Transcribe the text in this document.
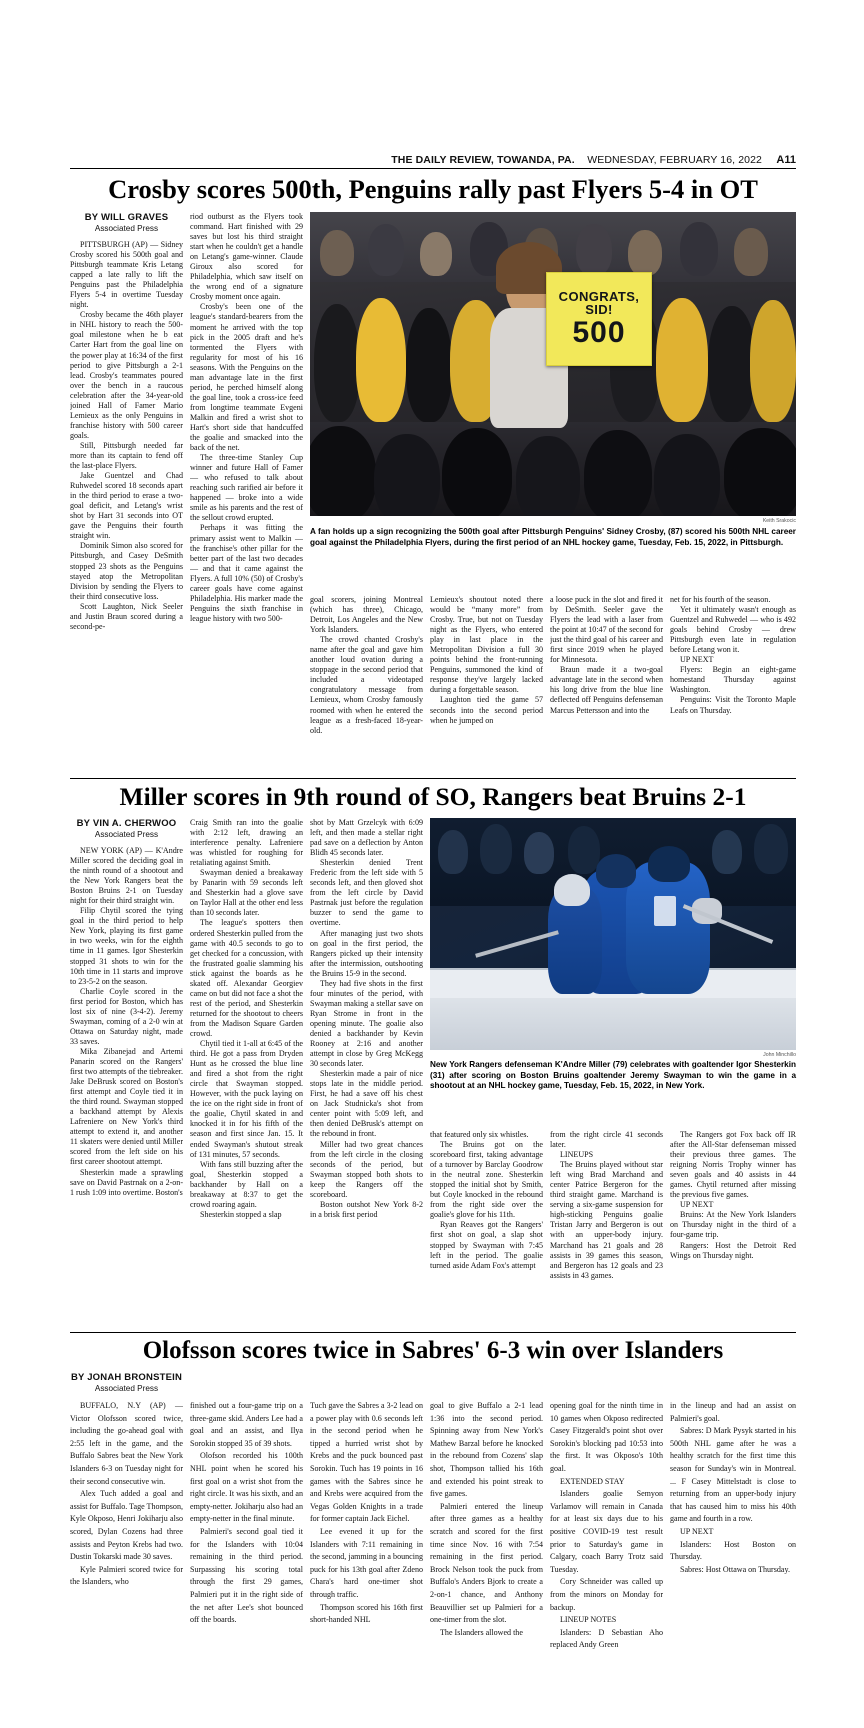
THE DAILY REVIEW, TOWANDA, PA. WEDNESDAY, FEBRUARY 16, 2022 A11
Crosby scores 500th, Penguins rally past Flyers 5-4 in OT
BY WILL GRAVES
Associated Press

PITTSBURGH (AP) — Sidney Crosby scored his 500th goal and Pittsburgh teammate Kris Letang capped a late rally to lift the Penguins past the Philadelphia Flyers 5-4 in overtime Tuesday night.

Crosby became the 46th player in NHL history to reach the 500-goal milestone when he b eat Carter Hart from the goal line on the power play at 16:34 of the first period to give Pittsburgh a 2-1 lead. Crosby's teammates poured over the bench in a raucous celebration after the 34-year-old joined Hall of Famer Mario Lemieux as the only Penguins in franchise history with 500 career goals.

Still, Pittsburgh needed far more than its captain to fend off the last-place Flyers.

Jake Guentzel and Chad Ruhwedel scored 18 seconds apart in the third period to erase a two-goal deficit, and Letang's wrist shot by Hart 31 seconds into OT gave the Penguins their fourth straight win.

Dominik Simon also scored for Pittsburgh, and Casey DeSmith stopped 23 shots as the Penguins stayed atop the Metropolitan Division by sending the Flyers to their third consecutive loss.

Scott Laughton, Nick Seeler and Justin Braun scored during a second-pe-

riod outburst as the Flyers took command. Hart finished with 29 saves but lost his third straight start when he couldn't get a handle on Letang's game-winner. Claude Giroux also scored for Philadelphia, which saw itself on the wrong end of a signature Crosby moment once again.

Crosby's been one of the league's standard-bearers from the moment he arrived with the top pick in the 2005 draft and he's tormented the Flyers with regularity for most of his 16 seasons. With the Penguins on the man advantage late in the first period, he perched himself along the goal line, took a cross-ice feed from longtime teammate Evgeni Malkin and fired a wrist shot to Hart's short side that handcuffed the goalie and smacked into the back of the net.

The three-time Stanley Cup winner and future Hall of Famer — who refused to talk about reaching such rarified air before it happened — broke into a wide smile as his parents and the rest of the sellout crowd erupted.

Perhaps it was fitting the primary assist went to Malkin — the franchise's other pillar for the better part of the last two decades — and that it came against the Flyers. A full 10% (50) of Crosby's career goals have come against Philadelphia. His marker made the Penguins the sixth franchise in league history with two 500-

CONGRATS,
SID!
500
Keith Srakocic
A fan holds up a sign recognizing the 500th goal after Pittsburgh Penguins' Sidney Crosby, (87) scored his 500th NHL career goal against the Philadelphia Flyers, during the first period of an NHL hockey game, Tuesday, Feb. 15, 2022, in Pittsburgh.

goal scorers, joining Montreal (which has three), Chicago, Detroit, Los Angeles and the New York Islanders.

The crowd chanted Crosby's name after the goal and gave him another loud ovation during a stoppage in the second period that included a videotaped congratulatory message from Lemieux, whom Crosby famously roomed with when he entered the league as a fresh-faced 18-year-old.

Lemieux's shoutout noted there would be “many more” from Crosby. True, but not on Tuesday night as the Flyers, who entered play in last place in the Metropolitan Division a full 30 points behind the front-running Penguins, summoned the kind of response they've largely lacked during a forgettable season.

Laughton tied the game 57 seconds into the second period when he jumped on

a loose puck in the slot and fired it by DeSmith. Seeler gave the Flyers the lead with a laser from the point at 10:47 of the second for just the third goal of his career and first since 2019 when he played for Minnesota.

Braun made it a two-goal advantage late in the second when his long drive from the blue line deflected off Penguins defenseman Marcus Pettersson and into the

net for his fourth of the season.

Yet it ultimately wasn't enough as Guentzel and Ruhwedel — who is 492 goals behind Crosby — drew Pittsburgh even late in regulation before Letang won it.

UP NEXT

Flyers: Begin an eight-game homestand Thursday against Washington.

Penguins: Visit the Toronto Maple Leafs on Thursday.

Miller scores in 9th round of SO, Rangers beat Bruins 2-1
BY VIN A. CHERWOO
Associated Press

NEW YORK (AP) — K'Andre Miller scored the deciding goal in the ninth round of a shootout and the New York Rangers beat the Boston Bruins 2-1 on Tuesday night for their third straight win.

Filip Chytil scored the tying goal in the third period to help New York, playing its first game in two weeks, win for the eighth time in 11 games. Igor Shesterkin stopped 31 shots to win for the 10th time in 11 starts and improve to 23-5-2 on the season.

Charlie Coyle scored in the first period for Boston, which has lost six of nine (3-4-2). Jeremy Swayman, coming of a 2-0 win at Ottawa on Saturday night, made 33 saves.

Mika Zibanejad and Artemi Panarin scored on the Rangers' first two attempts of the tiebreaker. Jake DeBrusk scored on Boston's first attempt and Coyle tied it in the third round. Swayman stopped a backhand attempt by Alexis Lafreniere on New York's third attempt to extend it, and another 11 skaters were denied until Miller scored from the left side on his first career shootout attempt.

Shesterkin made a sprawling save on David Pastrnak on a 2-on-1 rush 1:09 into overtime. Boston's

Craig Smith ran into the goalie with 2:12 left, drawing an interference penalty. Lafreniere was whistled for roughing for retaliating against Smith.

Swayman denied a breakaway by Panarin with 59 seconds left and Shesterkin had a glove save on Taylor Hall at the other end less than 10 seconds later.

The league's spotters then ordered Shesterkin pulled from the game with 40.5 seconds to go to get checked for a concussion, with the frustrated goalie slamming his stick against the boards as he skated off. Alexandar Georgiev came on but did not face a shot the rest of the period, and Shesterkin returned for the shootout to cheers from the Madison Square Garden crowd.

Chytil tied it 1-all at 6:45 of the third. He got a pass from Dryden Hunt as he crossed the blue line and fired a shot from the right circle that Swayman stopped. However, with the puck laying on the ice on the right side in front of the goalie, Chytil skated in and knocked it in for his fifth of the season and first since Jan. 15. It ended Swayman's shutout streak of 131 minutes, 57 seconds.

With fans still buzzing after the goal, Shesterkin stopped a backhander by Hall on a breakaway at 8:37 to get the crowd roaring again.

Shesterkin stopped a slap

shot by Matt Grzelcyk with 6:09 left, and then made a stellar right pad save on a deflection by Anton Blidh 45 seconds later.

Shesterkin denied Trent Frederic from the left side with 5 seconds left, and then gloved shot from the left circle by David Pastrnak just before the regulation buzzer to send the game to overtime.

After managing just two shots on goal in the first period, the Rangers picked up their intensity after the intermission, outshooting the Bruins 15-9 in the second.

They had five shots in the first four minutes of the period, with Swayman making a stellar save on Ryan Strome in front in the opening minute. The goalie also denied a backhander by Kevin Rooney at 2:16 and another attempt in close by Greg McKegg 30 seconds later.

Shesterkin made a pair of nice stops late in the middle period. First, he had a save off his chest on Jack Studnicka's shot from center point with 5:09 left, and then denied DeBrusk's attempt on the rebound in front.

Miller had two great chances from the left circle in the closing seconds of the period, but Swayman stopped both shots to keep the Rangers off the scoreboard.

Boston outshot New York 8-2 in a brisk first period

John Minchillo
New York Rangers defenseman K'Andre Miller (79) celebrates with goaltender Igor Shesterkin (31) after scoring on Boston Bruins goaltender Jeremy Swayman to win the game in a shootout at an NHL hockey game, Tuesday, Feb. 15, 2022, in New York.

that featured only six whistles.

The Bruins got on the scoreboard first, taking advantage of a turnover by Barclay Goodrow in the neutral zone. Shesterkin stopped the initial shot by Smith, but Coyle knocked in the rebound from the right side over the goalie's glove for his 11th.

Ryan Reaves got the Rangers' first shot on goal, a slap shot stopped by Swayman with 7:45 left in the period. The goalie turned aside Adam Fox's attempt

from the right circle 41 seconds later.

LINEUPS

The Bruins played without star left wing Brad Marchand and center Patrice Bergeron for the third straight game. Marchand is serving a six-game suspension for high-sticking Penguins goalie Tristan Jarry and Bergeron is out with an upper-body injury. Marchand has 21 goals and 28 assists in 39 games this season, and Bergeron has 12 goals and 23 assists in 43 games.

The Rangers got Fox back off IR after the All-Star defenseman missed their previous three games. The reigning Norris Trophy winner has seven goals and 40 assists in 44 games. Chytil returned after missing the previous five games.

UP NEXT

Bruins: At the New York Islanders on Thursday night in the third of a four-game trip.

Rangers: Host the Detroit Red Wings on Thursday night.

Olofsson scores twice in Sabres' 6-3 win over Islanders
BY JONAH BRONSTEIN
Associated Press

BUFFALO, N.Y (AP) — Victor Olofsson scored twice, including the go-ahead goal with 2:55 left in the game, and the Buffalo Sabres beat the New York Islanders 6-3 on Tuesday night for their second consecutive win.

Alex Tuch added a goal and assist for Buffalo. Tage Thompson, Kyle Okposo, Henri Jokiharju also scored, Dylan Cozens had three assists and Peyton Krebs had two. Dustin Tokarski made 30 saves.

Kyle Palmieri scored twice for the Islanders, who

finished out a four-game trip on a three-game skid. Anders Lee had a goal and an assist, and Ilya Sorokin stopped 35 of 39 shots.

Olofson recorded his 100th NHL point when he scored his first goal on a wrist shot from the right circle. It was his sixth, and an empty-netter. Jokiharju also had an empty-netter in the final minute.

Palmieri's second goal tied it for the Islanders with 10:04 remaining in the third period. Surpassing his scoring total through the first 29 games, Palmieri put it in the right side of the net after Lee's shot bounced off the boards.

Tuch gave the Sabres a 3-2 lead on a power play with 0.6 seconds left in the second period when he tipped a hurried wrist shot by Krebs and the puck bounced past Sorokin. Tuch has 19 points in 16 games with the Sabres since he and Krebs were acquired from the Vegas Golden Knights in a trade for former captain Jack Eichel.

Lee evened it up for the Islanders with 7:11 remaining in the second, jamming in a bouncing puck for his 13th goal after Zdeno Chara's hard one-timer shot through traffic.

Thompson scored his 16th first short-handed NHL

goal to give Buffalo a 2-1 lead 1:36 into the second period. Spinning away from New York's Mathew Barzal before he knocked in the rebound from Cozens' slap shot, Thompson tallied his 16th and extended his point streak to five games.

Palmieri entered the lineup after three games as a healthy scratch and scored for the first time since Nov. 16 with 7:54 remaining in the first period. Brock Nelson took the puck from Buffalo's Anders Bjork to create a 2-on-1 chance, and Anthony Beauvillier set up Palmieri for a one-timer from the slot.

The Islanders allowed the

opening goal for the ninth time in 10 games when Okposo redirected Casey Fitzgerald's point shot over Sorokin's blocking pad 10:53 into the first. It was Okposo's 10th goal.

EXTENDED STAY

Islanders goalie Semyon Varlamov will remain in Canada for at least six days due to his positive COVID-19 test result prior to Saturday's game in Calgary, coach Barry Trotz said Tuesday.

Cory Schneider was called up from the minors on Monday for backup.

LINEUP NOTES

Islanders: D Sebastian Aho replaced Andy Green

in the lineup and had an assist on Palmieri's goal.

Sabres: D Mark Pysyk started in his 500th NHL game after he was a healthy scratch for the first time this season for Sunday's win in Montreal. ... F Casey Mittelstadt is close to returning from an upper-body injury that has caused him to miss his 40th game and fourth in a row.

UP NEXT

Islanders: Host Boston on Thursday.

Sabres: Host Ottawa on Thursday.
